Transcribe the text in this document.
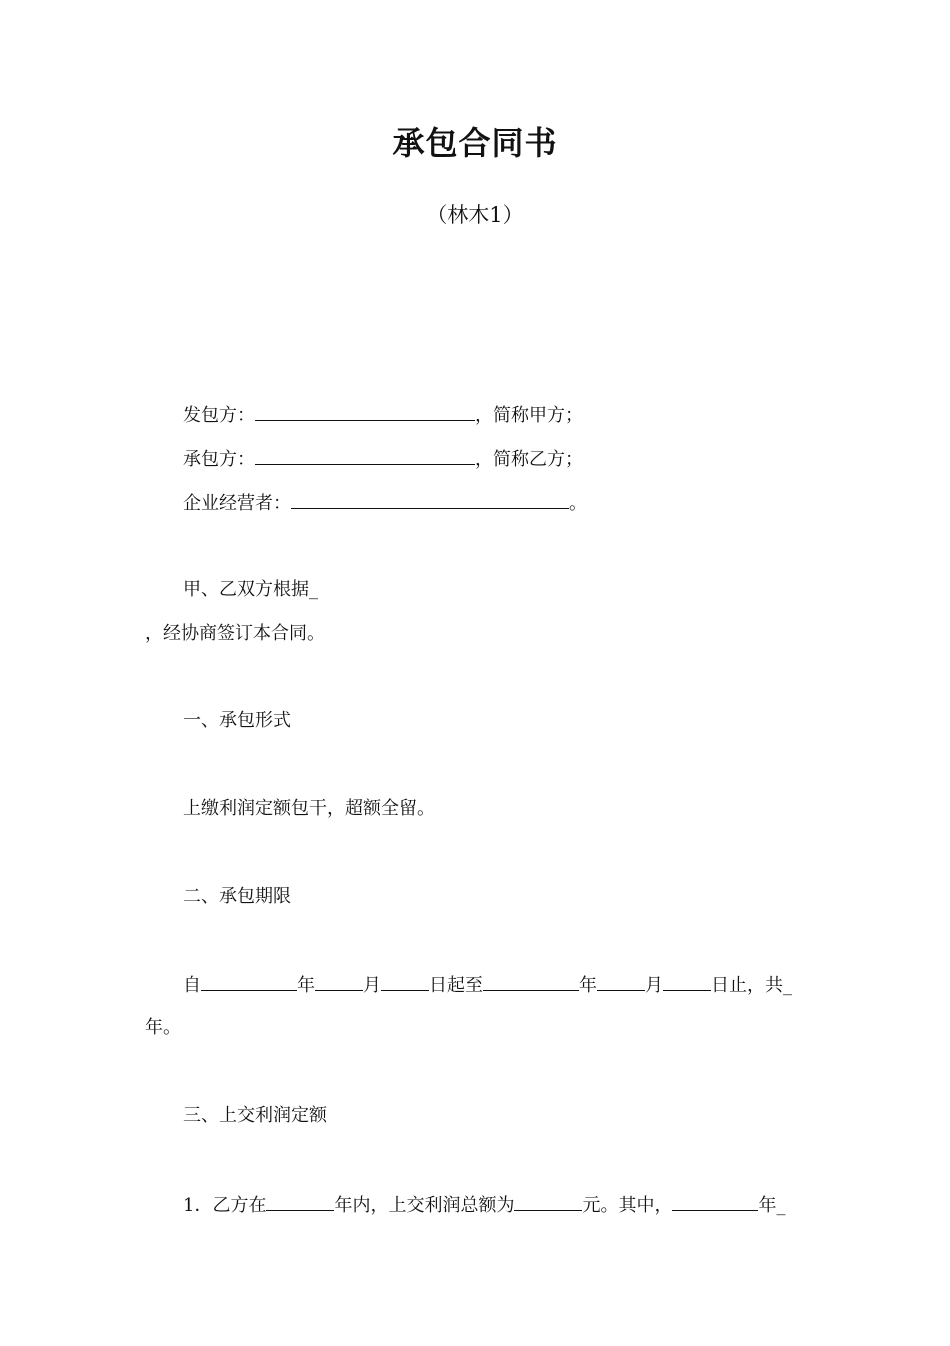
承包合同书
（林木1）
发包方：	，简称甲方；
承包方：	，简称乙方；
企业经营者：	。
甲、乙双方根据_
，经协商签订本合同。
一、承包形式
上缴利润定额包干，超额全留。
二、承包期限
自	年	月	日起至	年	月	日止，共_
年。
三、上交利润定额
1．乙方在	年内，上交利润总额为	元。其中，	年_
